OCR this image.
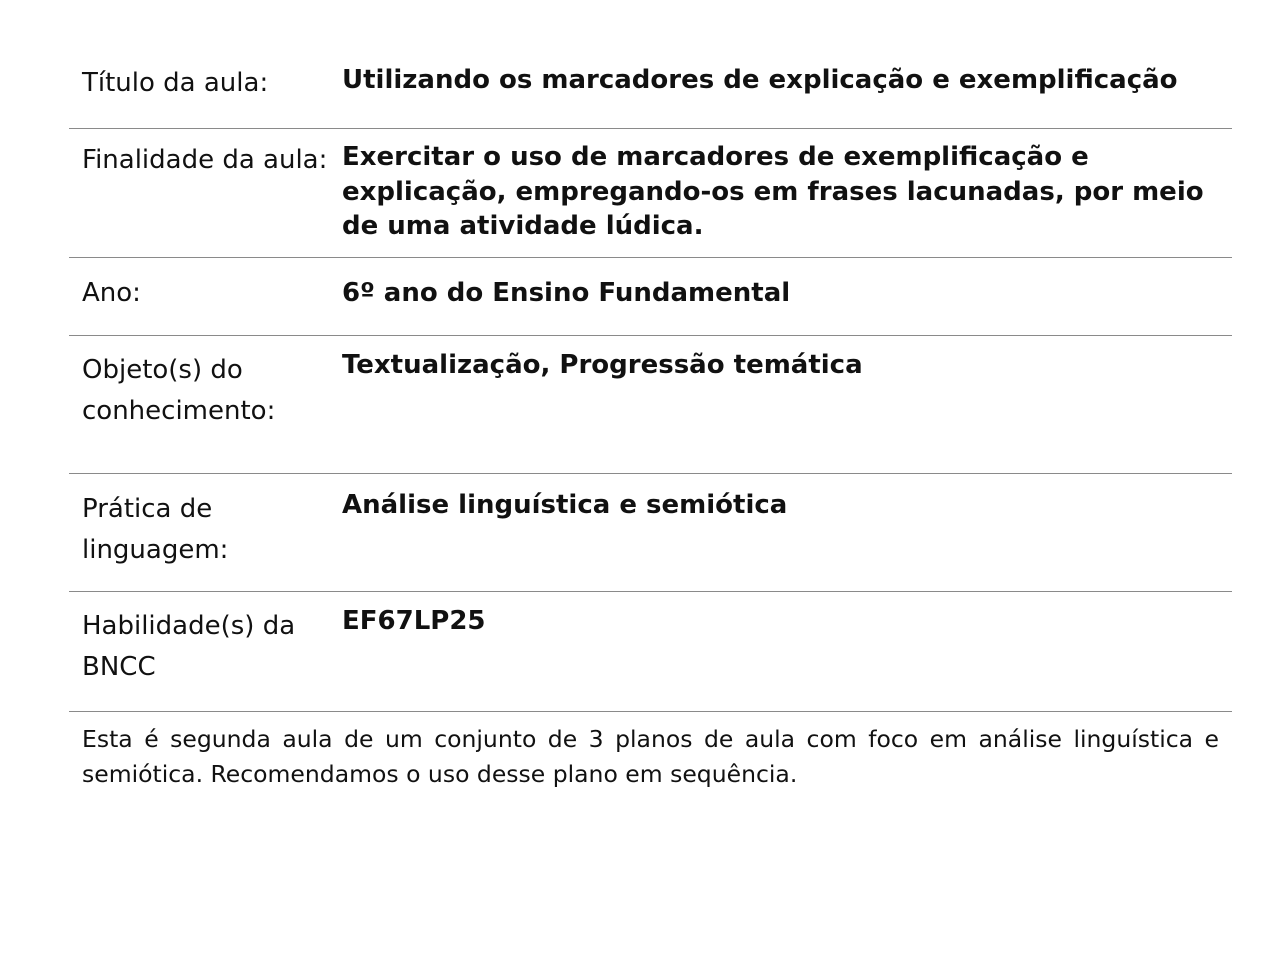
Título da aula:	Utilizando os marcadores de explicação e exemplificação
Finalidade da aula: Exercitar o uso de marcadores de exemplificação e explicação, empregando-os em frases lacunadas, por meio de uma atividade lúdica.
Ano:	6º ano do Ensino Fundamental
Objeto(s) do conhecimento:
Textualização, Progressão temática
Prática de linguagem:
Análise linguística e semiótica
Habilidade(s) da BNCC
EF67LP25
Esta é segunda aula de um conjunto de 3 planos de aula com foco em análise linguística e semiótica. Recomendamos o uso desse plano em sequência.
